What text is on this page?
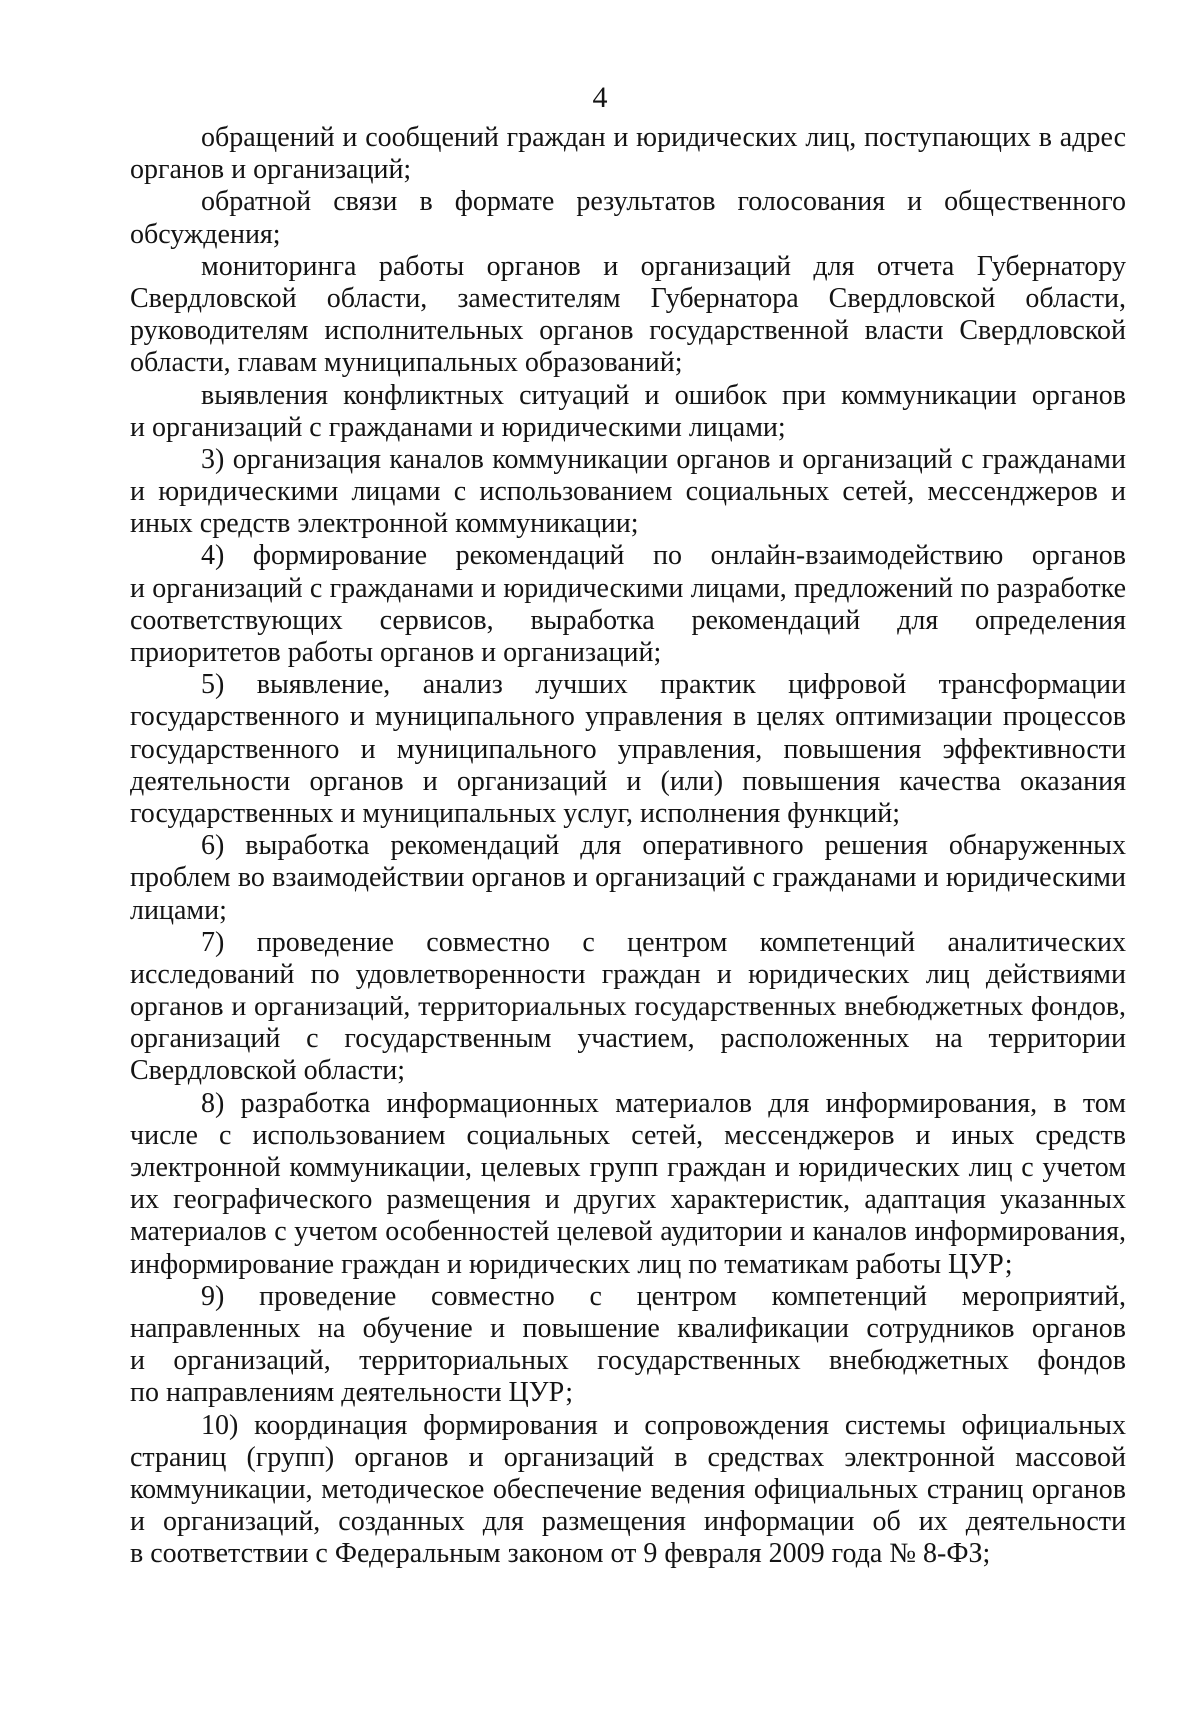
4
обращений и сообщений граждан и юридических лиц, поступающих в адрес
органов и организаций;
обратной связи в формате результатов голосования и общественного
обсуждения;
мониторинга работы органов и организаций для отчета Губернатору
Свердловской области, заместителям Губернатора Свердловской области,
руководителям исполнительных органов государственной власти Свердловской
области, главам муниципальных образований;
выявления конфликтных ситуаций и ошибок при коммуникации органов
и организаций с гражданами и юридическими лицами;
3) организация каналов коммуникации органов и организаций с гражданами
и юридическими лицами с использованием социальных сетей, мессенджеров и
иных средств электронной коммуникации;
4) формирование рекомендаций по онлайн-взаимодействию органов
и организаций с гражданами и юридическими лицами, предложений по разработке
соответствующих сервисов, выработка рекомендаций для определения
приоритетов работы органов и организаций;
5) выявление, анализ лучших практик цифровой трансформации
государственного и муниципального управления в целях оптимизации процессов
государственного и муниципального управления, повышения эффективности
деятельности органов и организаций и (или) повышения качества оказания
государственных и муниципальных услуг, исполнения функций;
6) выработка рекомендаций для оперативного решения обнаруженных
проблем во взаимодействии органов и организаций с гражданами и юридическими
лицами;
7) проведение совместно с центром компетенций аналитических
исследований по удовлетворенности граждан и юридических лиц действиями
органов и организаций, территориальных государственных внебюджетных фондов,
организаций с государственным участием, расположенных на территории
Свердловской области;
8) разработка информационных материалов для информирования, в том
числе с использованием социальных сетей, мессенджеров и иных средств
электронной коммуникации, целевых групп граждан и юридических лиц с учетом
их географического размещения и других характеристик, адаптация указанных
материалов с учетом особенностей целевой аудитории и каналов информирования,
информирование граждан и юридических лиц по тематикам работы ЦУР;
9) проведение совместно с центром компетенций мероприятий,
направленных на обучение и повышение квалификации сотрудников органов
и организаций, территориальных государственных внебюджетных фондов
по направлениям деятельности ЦУР;
10) координация формирования и сопровождения системы официальных
страниц (групп) органов и организаций в средствах электронной массовой
коммуникации, методическое обеспечение ведения официальных страниц органов
и организаций, созданных для размещения информации об их деятельности
в соответствии с Федеральным законом от 9 февраля 2009 года № 8-ФЗ;
